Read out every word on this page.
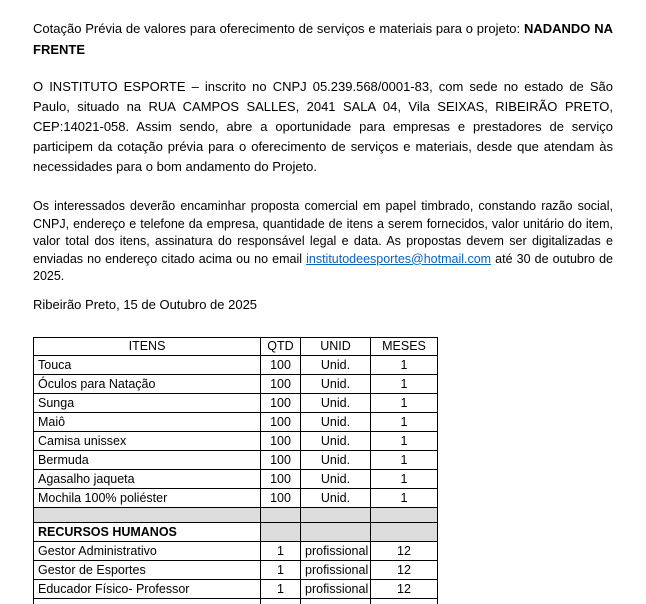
Cotação Prévia de valores para oferecimento de serviços e materiais para o projeto: NADANDO NA FRENTE

O INSTITUTO ESPORTE – inscrito no CNPJ 05.239.568/0001-83, com sede no estado de São Paulo, situado na RUA CAMPOS SALLES, 2041 SALA 04, Vila SEIXAS, RIBEIRÃO PRETO, CEP:14021-058. Assim sendo, abre a oportunidade para empresas e prestadores de serviço participem da cotação prévia para o oferecimento de serviços e materiais, desde que atendam às necessidades para o bom andamento do Projeto.

Os interessados deverão encaminhar proposta comercial em papel timbrado, constando razão social, CNPJ, endereço e telefone da empresa, quantidade de itens a serem fornecidos, valor unitário do item, valor total dos itens, assinatura do responsável legal e data. As propostas devem ser digitalizadas e enviadas no endereço citado acima ou no email institutodeesportes@hotmail.com até 30 de outubro de 2025.

Ribeirão Preto, 15 de Outubro de 2025

ITENS	QTD	UNID	MESES
Touca	100	Unid.	1
Óculos para Natação	100	Unid.	1
Sunga	100	Unid.	1
Maiô	100	Unid.	1
Camisa unissex	100	Unid.	1
Bermuda	100	Unid.	1
Agasalho jaqueta	100	Unid.	1
Mochila 100% poliéster	100	Unid.	1

RECURSOS HUMANOS			
Gestor Administrativo	1	profissional	12
Gestor de Esportes	1	profissional	12
Educador Físico- Professor	1	profissional	12
